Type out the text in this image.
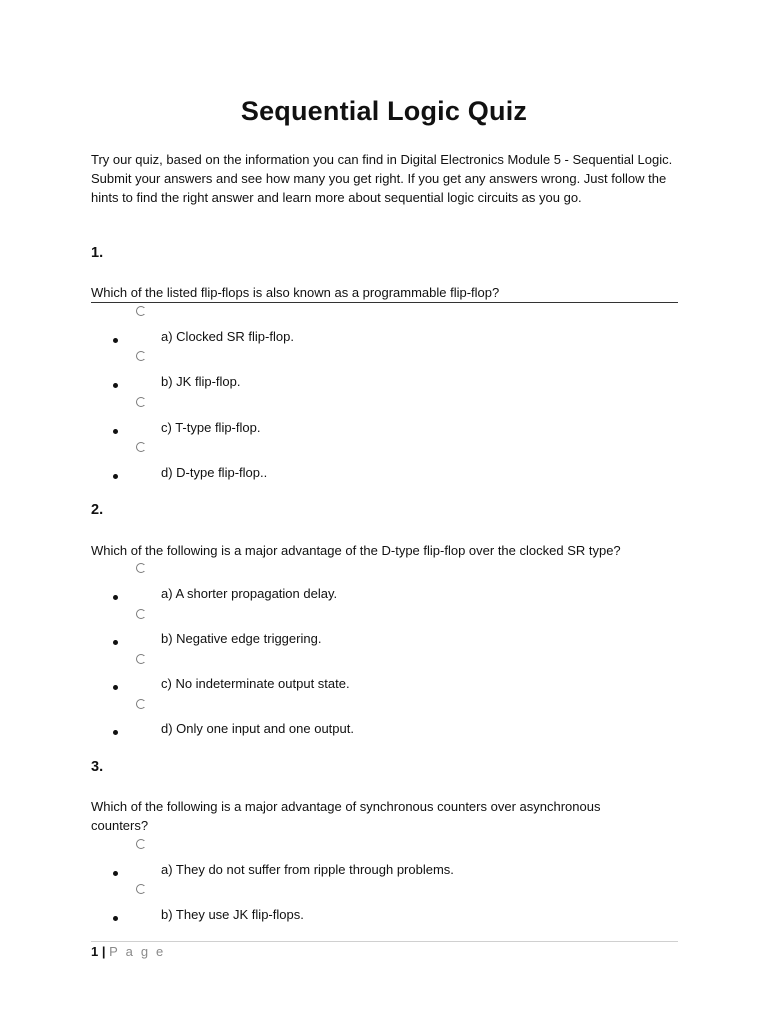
Sequential Logic Quiz
Try our quiz, based on the information you can find in Digital Electronics Module 5 - Sequential Logic. Submit your answers and see how many you get right. If you get any answers wrong. Just follow the hints to find the right answer and learn more about sequential logic circuits as you go.
1.
Which of the listed flip-flops is also known as a programmable flip-flop?
a) Clocked SR flip-flop.
b) JK flip-flop.
c) T-type flip-flop.
d) D-type flip-flop..
2.
Which of the following is a major advantage of the D-type flip-flop over the clocked SR type?
a) A shorter propagation delay.
b) Negative edge triggering.
c) No indeterminate output state.
d) Only one input and one output.
3.
Which of the following is a major advantage of synchronous counters over asynchronous counters?
a) They do not suffer from ripple through problems.
b) They use JK flip-flops.
1 | P a g e
